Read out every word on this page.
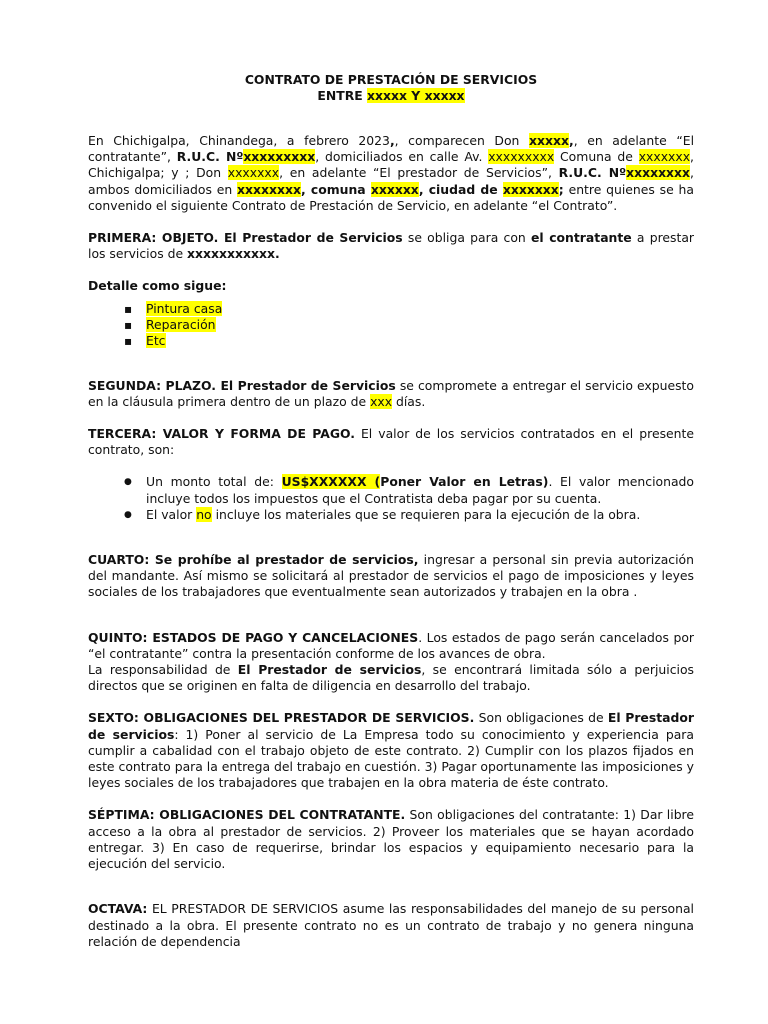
CONTRATO DE PRESTACIÓN DE SERVICIOS
ENTRE xxxxx Y xxxxx

En Chichigalpa, Chinandega, a febrero 2023,, comparecen Don xxxxx,, en adelante “El contratante”, R.U.C. Nºxxxxxxxxx, domiciliados en calle Av. xxxxxxxxx Comuna de xxxxxxx, Chichigalpa; y ; Don xxxxxxx, en adelante “El prestador de Servicios”, R.U.C. Nºxxxxxxxx, ambos domiciliados en xxxxxxxx, comuna xxxxxx, ciudad de xxxxxxx; entre quienes se ha convenido el siguiente Contrato de Prestación de Servicio, en adelante “el Contrato”.

PRIMERA: OBJETO. El Prestador de Servicios se obliga para con el contratante a prestar los servicios de xxxxxxxxxxx.

Detalle como sigue:

▪ Pintura casa
▪ Reparación
▪ Etc

SEGUNDA: PLAZO. El Prestador de Servicios se compromete a entregar el servicio expuesto en la cláusula primera dentro de un plazo de xxx días.

TERCERA: VALOR Y FORMA DE PAGO. El valor de los servicios contratados en el presente contrato, son:

● Un monto total de: US$XXXXXX (Poner Valor en Letras). El valor mencionado incluye todos los impuestos que el Contratista deba pagar por su cuenta.
● El valor no incluye los materiales que se requieren para la ejecución de la obra.

CUARTO: Se prohíbe al prestador de servicios, ingresar a personal sin previa autorización del mandante. Así mismo se solicitará al prestador de servicios el pago de imposiciones y leyes sociales de los trabajadores que eventualmente sean autorizados y trabajen en la obra .

QUINTO: ESTADOS DE PAGO Y CANCELACIONES. Los estados de pago serán cancelados por “el contratante” contra la presentación conforme de los avances de obra.

La responsabilidad de El Prestador de servicios, se encontrará limitada sólo a perjuicios directos que se originen en falta de diligencia en desarrollo del trabajo.

SEXTO: OBLIGACIONES DEL PRESTADOR DE SERVICIOS. Son obligaciones de El Prestador de servicios: 1) Poner al servicio de La Empresa todo su conocimiento y experiencia para cumplir a cabalidad con el trabajo objeto de este contrato. 2) Cumplir con los plazos fijados en este contrato para la entrega del trabajo en cuestión. 3) Pagar oportunamente las imposiciones y leyes sociales de los trabajadores que trabajen en la obra materia de éste contrato.

SÉPTIMA: OBLIGACIONES DEL CONTRATANTE. Son obligaciones del contratante: 1) Dar libre acceso a la obra al prestador de servicios. 2) Proveer los materiales que se hayan acordado entregar. 3) En caso de requerirse, brindar los espacios y equipamiento necesario para la ejecución del servicio.

OCTAVA: EL PRESTADOR DE SERVICIOS asume las responsabilidades del manejo de su personal destinado a la obra. El presente contrato no es un contrato de trabajo y no genera ninguna relación de dependencia
